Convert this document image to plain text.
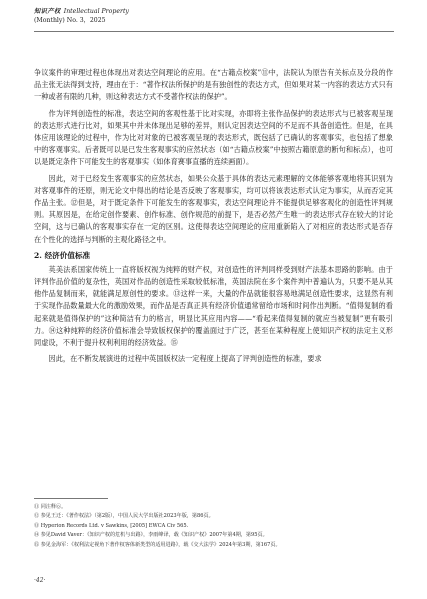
知识产权 Intellectual Property
(Monthly) No. 3，2025

争议案件的审理过程也体现出对表达空间理论的应用。在“古籍点校案”⑪中，法院认为原告有关标点及分段的作品主张无法得到支持，理由在于：“著作权法所保护的是有独创性的表达方式，但如果对某一内容的表达方式只有一种或者有限的几种，则这种表达方式不受著作权法的保护”。

作为评判创造性的标准，表达空间的客观性基于比对实现，亦即将主张作品保护的表达形式与已被客观呈现的表达形式进行比对，如果其中并未体现出足够的差异，则认定因表达空间的不足而不具备创造性。但是，在具体应用该理论的过程中，作为比对对象的已被客观呈现的表达形式，既包括了已确认的客观事实，也包括了想象中的客观事实。后者既可以是已发生客观事实的应然状态（如“古籍点校案”中按照古籍原意的断句和标点），也可以是既定条件下可能发生的客观事实（如体育赛事直播的连续画面）。

因此，对于已经发生客观事实的应然状态，如果公众基于具体的表达元素理解的文体能够客观地将其识别为对客观事件的还原，则无论文中得出的结论是否反映了客观事实，均可以将该表达形式认定为事实，从而否定其作品主张。⑫但是，对于既定条件下可能发生的客观事实，表达空间理论并不能提供足够客观化的创造性评判规则。其原因是，在给定创作要素、创作标准、创作规范的前提下，是否必然产生唯一的表达形式存在较大的讨论空间，这与已确认的客观事实存在一定的区别。这使得表达空间理论的应用重新陷入了对相应的表达形式是否存在个性化的选择与判断的主观化路径之中。

2. 经济价值标准

英美法系国家传统上一直将版权视为纯粹的财产权，对创造性的评判同样受到财产法基本思路的影响。由于评判作品价值的复杂性，英国对作品的创造性采取较低标准，英国法院在多个案件判中普遍认为，只要不是从其他作品复制而来，就能满足原创性的要求。⑬这样一来，大量的作品就能很容易地满足创造性要求，这显然有利于实现作品数量最大化的激励效果，而作品是否真正具有经济价值通常留给市场和时间作出判断。“值得复制的看起来就是值得保护的”这种简洁有力的格言，明显比其应用内容——“看起来值得复制的就应当被复制”更有吸引力。⑭这种纯粹的经济价值标准会导致版权保护的覆盖面过于广泛，甚至在某种程度上使知识产权的法定主义形同虚设，不利于提升权利利用的经济效益。⑮

因此，在不断发展演进的过程中英国版权法一定程度上提高了评判创造性的标准，要求

⑪ 同注释⑥。
⑫ 参见王迁：《著作权法》（第2版），中国人民大学出版社2023年版，第86页。
⑬ Hyperion Records Ltd. v Sawkins, [2005] EWCA Civ 565.
⑭ 参见David Vaver：《知识产权的危机与出路》，李雨峰译，载《知识产权》2007年第4期，第95页。
⑮ 参见金海军：《权利法定视角下著作权客体新类型的适用进路》，载《交大法学》2024年第3期，第167页。
·42·
